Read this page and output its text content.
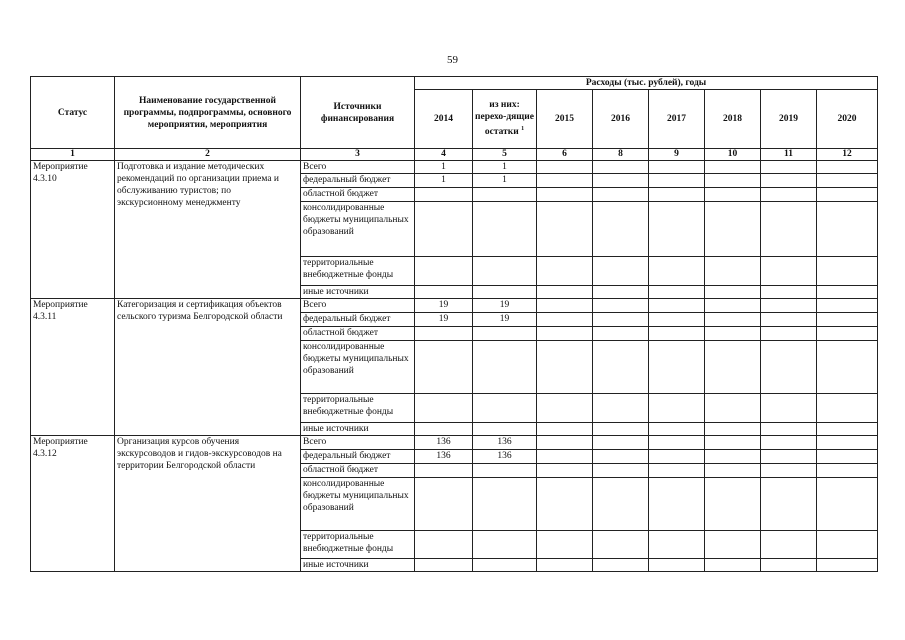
59
Статус	Наименование государственной программы, подпрограммы, основного мероприятия, мероприятия	Источники финансирования	Расходы (тыс. рублей), годы							
			2014	из них: перехо-дящие остатки $^1$	2015	2016	2017	2018	2019	2020

1	2	3	4	5	6	8	9	10	11	12
Мероприятие 4.3.10	Подготовка и издание методических рекомендаций по организации приема и обслуживанию туристов; по экскурсионному менеджменту	Всего	1	1						
		федеральный бюджет	1	1						
		областной бюджет								
		консолидированные бюджеты муниципальных образований								
		территориальные внебюджетные фонды								
		иные источники								
Мероприятие 4.3.11	Категоризация и сертификация объектов сельского туризма Белгородской области	Всего	19	19						
		федеральный бюджет	19	19						
		областной бюджет								
		консолидированные бюджеты муниципальных образований								
		территориальные внебюджетные фонды								
		иные источники								
Мероприятие 4.3.12	Организация курсов обучения экскурсоводов и гидов-экскурсоводов на территории Белгородской области	Всего	136	136						
		федеральный бюджет	136	136						
		областной бюджет								
		консолидированные бюджеты муниципальных образований								
		территориальные внебюджетные фонды								
		иные источники								
